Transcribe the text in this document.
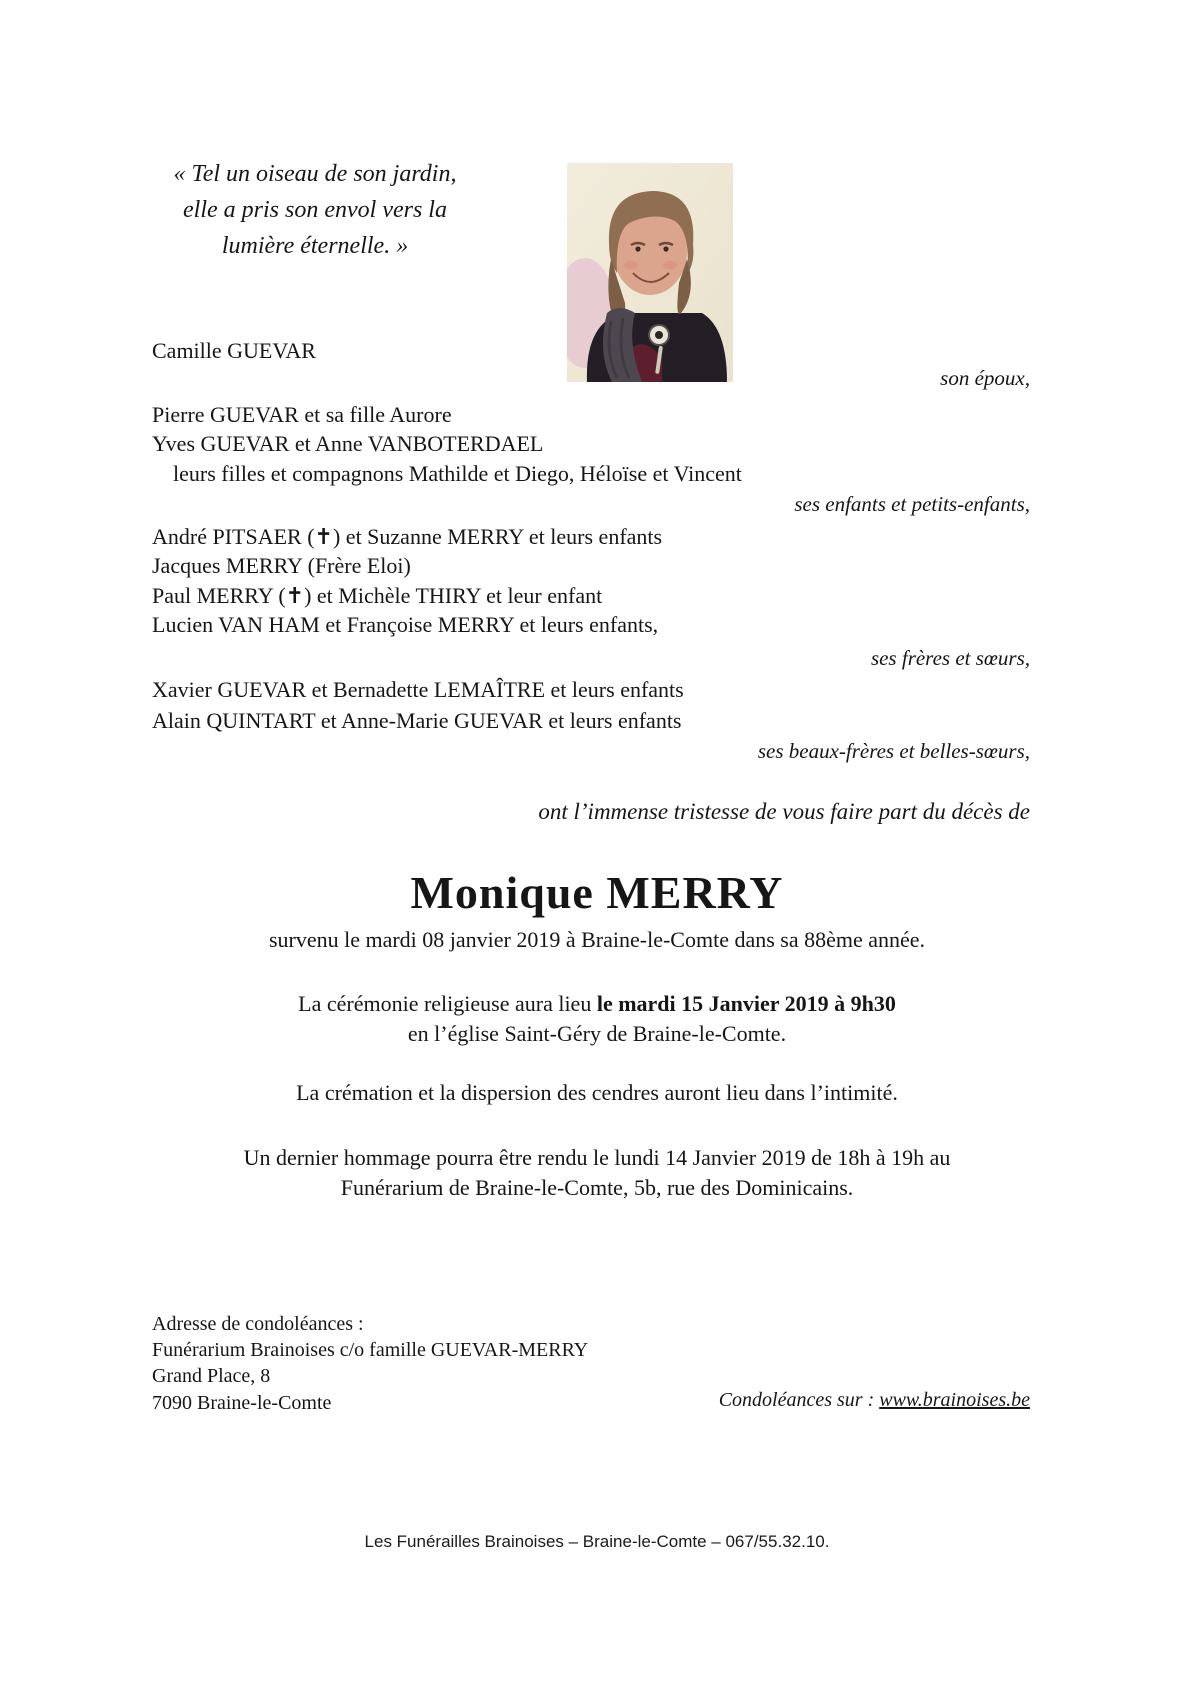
« Tel un oiseau de son jardin,
elle a pris son envol vers la
lumière éternelle. »
Camille GUEVAR
son époux,
Pierre GUEVAR et sa fille Aurore
Yves GUEVAR et Anne VANBOTERDAEL
leurs filles et compagnons Mathilde et Diego, Héloïse et Vincent
ses enfants et petits-enfants,
André PITSAER (✝) et Suzanne MERRY et leurs enfants
Jacques MERRY (Frère Eloi)
Paul MERRY (✝) et Michèle THIRY et leur enfant
Lucien VAN HAM et Françoise MERRY et leurs enfants,
ses frères et sœurs,
Xavier GUEVAR et Bernadette LEMAÎTRE et leurs enfants
Alain QUINTART et Anne-Marie GUEVAR et leurs enfants
ses beaux-frères et belles-sœurs,
ont l’immense tristesse de vous faire part du décès de
Monique MERRY
survenu le mardi 08 janvier 2019 à Braine-le-Comte dans sa 88ème année.
La cérémonie religieuse aura lieu le mardi 15 Janvier 2019 à 9h30
en l’église Saint-Géry de Braine-le-Comte.
La crémation et la dispersion des cendres auront lieu dans l’intimité.
Un dernier hommage pourra être rendu le lundi 14 Janvier 2019 de 18h à 19h au
Funérarium de Braine-le-Comte, 5b, rue des Dominicains.
Adresse de condoléances :
Funérarium Brainoises c/o famille GUEVAR-MERRY
Grand Place, 8
7090 Braine-le-Comte	Condoléances sur : www.brainoises.be
Les Funérailles Brainoises – Braine-le-Comte – 067/55.32.10.
